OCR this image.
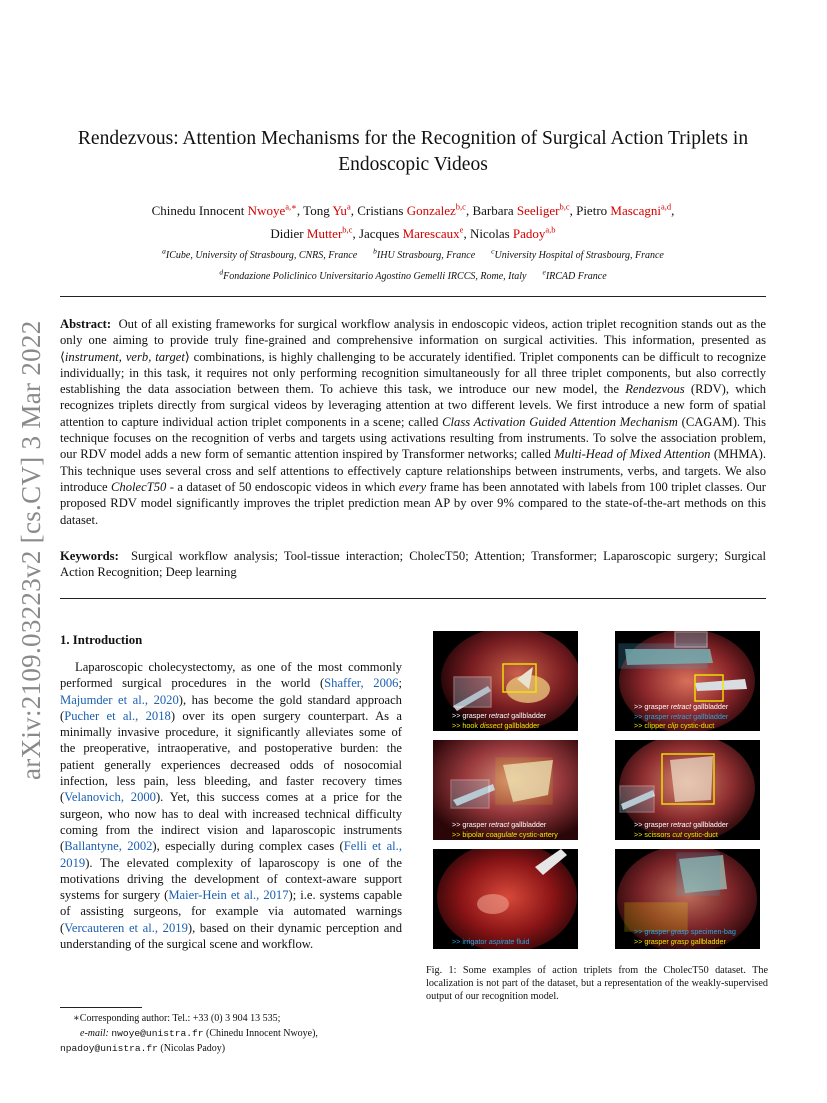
arXiv:2109.03223v2 [cs.CV] 3 Mar 2022
Rendezvous: Attention Mechanisms for the Recognition of Surgical Action Triplets in
Endoscopic Videos
Chinedu Innocent Nwoye$^{a,∗}$, Tong Yu$^a$, Cristians Gonzalez$^{b,c}$, Barbara Seeliger$^{b,c}$, Pietro Mascagni$^{a,d}$,
Didier Mutter$^{b,c}$, Jacques Marescaux$^e$, Nicolas Padoy$^{a,b}$
$^a$ICube, University of Strasbourg, CNRS, France $^b$IHU Strasbourg, France $^c$University Hospital of Strasbourg, France
$^d$Fondazione Policlinico Universitario Agostino Gemelli IRCCS, Rome, Italy $^e$IRCAD France
Abstract: Out of all existing frameworks for surgical workflow analysis in endoscopic videos, action triplet recognition stands out as the only one aiming to provide truly fine-grained and comprehensive information on surgical activities. This information, presented as ⟨instrument, verb, target⟩ combinations, is highly challenging to be accurately identified. Triplet components can be difficult to recognize individually; in this task, it requires not only performing recognition simultaneously for all three triplet components, but also correctly establishing the data association between them. To achieve this task, we introduce our new model, the Rendezvous (RDV), which recognizes triplets directly from surgical videos by leveraging attention at two different levels. We first introduce a new form of spatial attention to capture individual action triplet components in a scene; called Class Activation Guided Attention Mechanism (CAGAM). This technique focuses on the recognition of verbs and targets using activations resulting from instruments. To solve the association problem, our RDV model adds a new form of semantic attention inspired by Transformer networks; called Multi-Head of Mixed Attention (MHMA). This technique uses several cross and self attentions to effectively capture relationships between instruments, verbs, and targets. We also introduce CholecT50 - a dataset of 50 endoscopic videos in which every frame has been annotated with labels from 100 triplet classes. Our proposed RDV model significantly improves the triplet prediction mean AP by over 9% compared to the state-of-the-art methods on this dataset.
Keywords: Surgical workflow analysis; Tool-tissue interaction; CholecT50; Attention; Transformer; Laparoscopic surgery; Surgical Action Recognition; Deep learning
1. Introduction
Laparoscopic cholecystectomy, as one of the most commonly performed surgical procedures in the world (Shaffer, 2006; Majumder et al., 2020), has become the gold standard approach (Pucher et al., 2018) over its open surgery counterpart. As a minimally invasive procedure, it significantly alleviates some of the preoperative, intraoperative, and postoperative burden: the patient generally experiences decreased odds of nosocomial infection, less pain, less bleeding, and faster recovery times (Velanovich, 2000). Yet, this success comes at a price for the surgeon, who now has to deal with increased technical difficulty coming from the indirect vision and laparoscopic instruments (Ballantyne, 2002), especially during complex cases (Felli et al., 2019). The elevated complexity of laparoscopy is one of the motivations driving the development of context-aware support systems for surgery (Maier-Hein et al., 2017); i.e. systems capable of assisting surgeons, for example via automated warnings (Vercauteren et al., 2019), based on their dynamic perception and understanding of the surgical scene and workflow.
∗Corresponding author: Tel.: +33 (0) 3 904 13 535;
e-mail: nwoye@unistra.fr (Chinedu Innocent Nwoye),
npadoy@unistra.fr (Nicolas Padoy)
>> grasper retract gallbladder
>> hook dissect gallbladder
>> grasper retract gallbladder
>> grasper retract gallbladder
>> clipper clip cystic-duct
>> grasper retract gallbladder
>> bipolar coagulate cystic-artery
>> grasper retract gallbladder
>> scissors cut cystic-duct
>> irrigator aspirate fluid
>> grasper grasp specimen-bag
>> grasper grasp gallbladder
Fig. 1: Some examples of action triplets from the CholecT50 dataset. The localization is not part of the dataset, but a representation of the weakly-supervised output of our recognition model.
